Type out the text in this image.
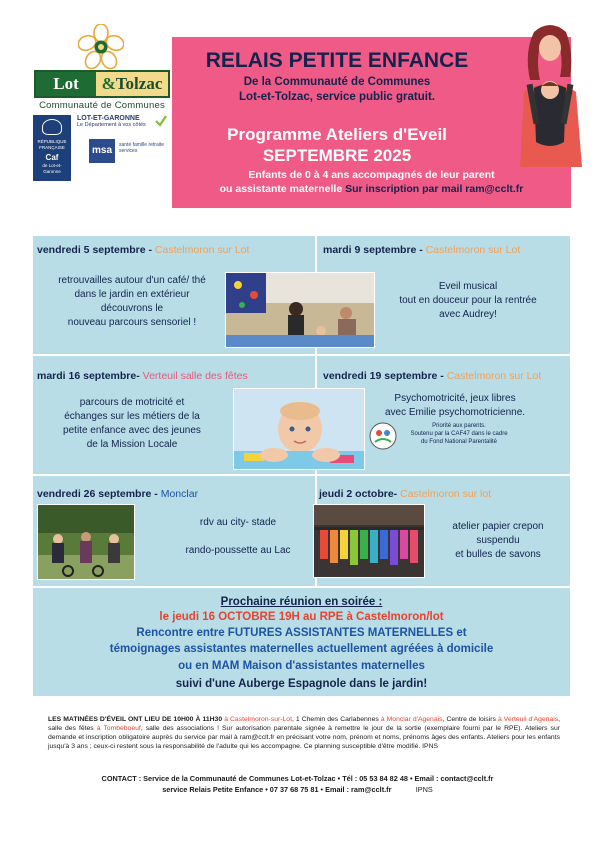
Lot	& Tolzac
Communauté de Communes
RÉPUBLIQUE
FRANÇAISE
Caf
de Lot-et-
Garonne
LOT-ET-GARONNE
Le Département à vos côtés
msa	santé famille retraite services
RELAIS PETITE ENFANCE
De la Communauté de Communes
Lot-et-Tolzac, service public gratuit.
Programme Ateliers d'Eveil
SEPTEMBRE 2025
Enfants de 0 à 4 ans accompagnés de leur parent
ou assistante maternelle Sur inscription par mail ram@cclt.fr
vendredi 5 septembre - Castelmoron sur Lot
retrouvailles autour d'un café/ thé
dans le jardin en extérieur
découvrons le
nouveau parcours sensoriel !
mardi 9 septembre - Castelmoron sur Lot
Eveil musical
tout en douceur pour la rentrée
avec Audrey!
mardi 16 septembre- Verteuil salle des fêtes
parcours de motricité et
échanges sur les métiers de la
petite enfance avec des jeunes
de la Mission Locale
vendredi 19 septembre - Castelmoron sur Lot
Psychomotricité, jeux libres
avec Emilie psychomotricienne.
Priorité aux parents.
Soutenu par la CAF47 dans le cadre
du Fond National Parentalité
vendredi 26 septembre - Monclar
rdv au city- stade
rando-poussette au Lac
jeudi 2 octobre- Castelmoron sur lot
atelier papier crepon
suspendu
et bulles de savons
Prochaine réunion en soirée :
le jeudi 16 OCTOBRE 19H au RPE à Castelmoron/lot
Rencontre entre FUTURES ASSISTANTES MATERNELLES et
témoignages assistantes maternelles actuellement agréées à domicile
ou en MAM Maison d'assistantes maternelles
suivi d'une Auberge Espagnole dans le jardin!
LES MATINÉES D'ÉVEIL ONT LIEU DE 10H00 À 11H30 à Castelmoron-sur-Lot, 1 Chemin des Carlabennes à Monclar d'Agenais, Centre de loisirs à Verteuil d'Agenais, salle des fêtes à Tombeboeuf, salle des associations ! Sur autorisation parentale signée à remettre le jour de la sortie (exemplaire fourni par le RPE). Ateliers sur demande et inscription obligatoire auprès du service par mail à ram@cclt.fr en précisant votre nom, prénom et noms, prénoms âges des enfants. Ateliers pour les enfants jusqu'à 3 ans ; ceux-ci restent sous la responsabilité de l'adulte qui les accompagne. Ce planning susceptible d'être modifié. IPNS
CONTACT : Service de la Communauté de Communes Lot-et-Tolzac • Tél : 05 53 84 82 48 • Email : contact@cclt.fr
service Relais Petite Enfance • 07 37 68 75 81 • Email : ram@cclt.fr	IPNS
